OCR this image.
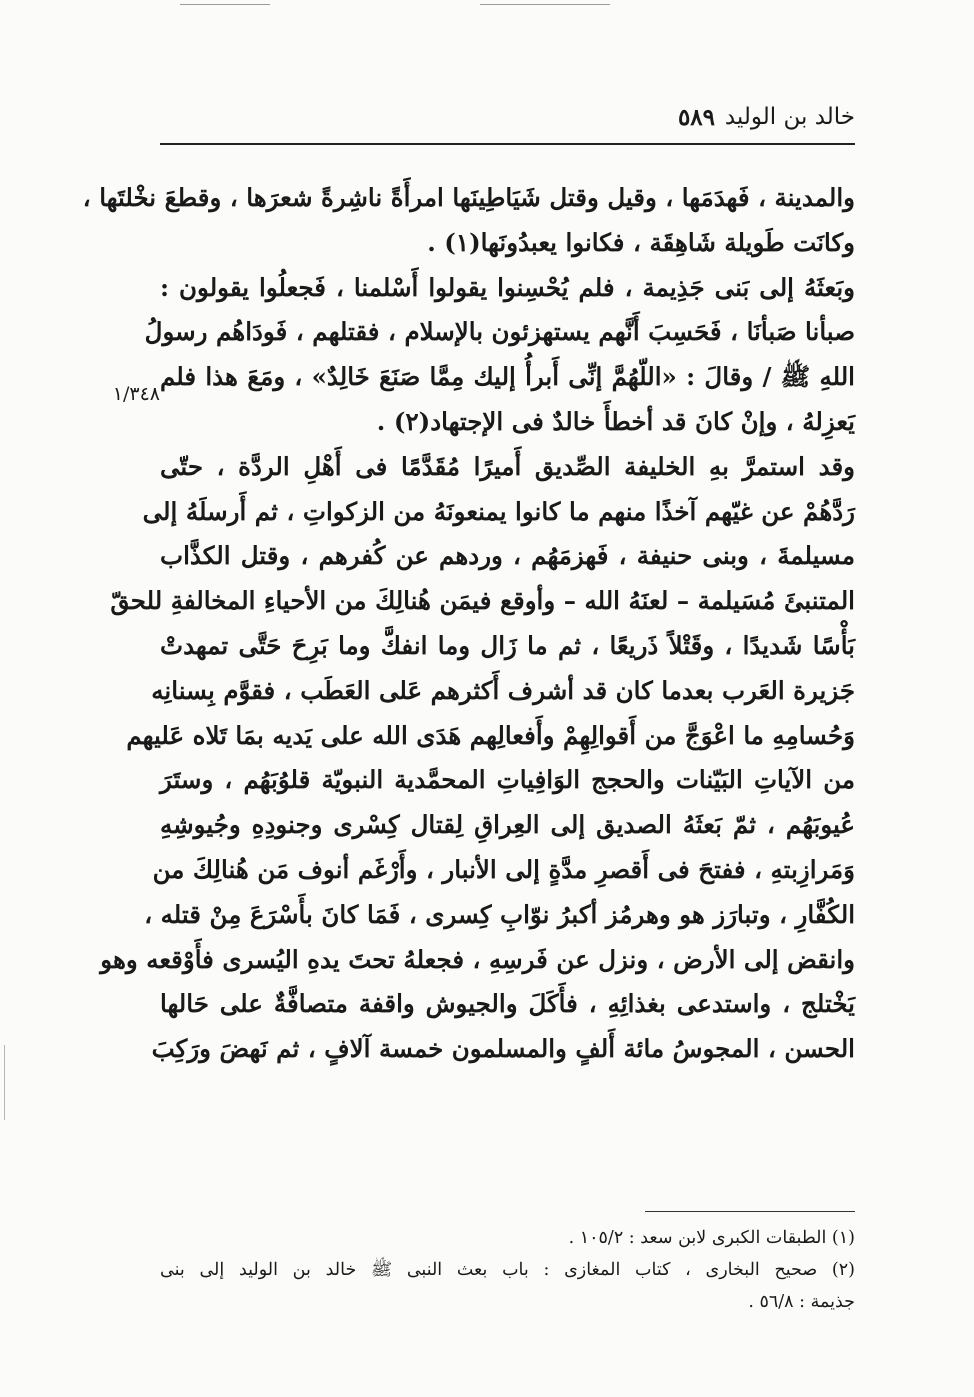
خالد بن الوليد
٥٨٩
١/٣٤٨
والمدينة ، فَهدَمَها ، وقيل وقتل شَيَاطِينَها امرأَةً ناشِرةً شعرَها ، وقطعَ نخْلتَها ،
وكانَت طَويلة شَاهِقَة ، فكانوا يعبدُونَها(١) .
وبَعثَهُ إلى بَنى جَذِيمة ، فلم يُحْسِنوا يقولوا أَسْلمنا ، فَجعلُوا يقولون :
صبأنا صَبأنَا ، فَحَسِبَ أَنَّهم يستهزئون بالإسلام ، فقتلهم ، فَودَاهُم رسولُ
اللهِ ﷺ / وقالَ : «اللّهُمَّ إنِّى أَبرأُ إليك مِمَّا صَنَعَ خَالِدٌ» ، ومَعَ هذا فلم
يَعزِلهُ ، وإنْ كانَ قد أخطأَ خالدٌ فى الإجتهاد(٢) .
وقد استمرَّ بهِ الخليفة الصِّديق أَميرًا مُقَدَّمًا فى أَهْلِ الردَّة ، حتّى
رَدَّهُمْ عن غيّهم آخذًا منهم ما كانوا يمنعونَهُ من الزكواتِ ، ثم أَرسلَهُ إلى
مسيلمةَ ، وبنى حنيفة ، فَهزمَهُم ، وردهم عن كُفرهم ، وقتل الكذَّاب
المتنبئَ مُسَيلمة – لعنَهُ الله – وأوقع فيمَن هُنالِكَ من الأحياءِ المخالفةِ للحقّ
بَأْسًا شَديدًا ، وقَتْلاً ذَريعًا ، ثم ما زَال وما انفكَّ وما بَرِحَ حَتَّى تمهدتْ
جَزيرة العَرب بعدما كان قد أشرف أَكثرهم عَلى العَطَب ، فقوَّم بِسنانِه
وَحُسامِهِ ما اعْوَجَّ من أَقوالِهِمْ وأَفعالِهم هَدَى الله على يَديه بمَا تَلاه عَليهم
من الآياتِ البَيّنات والحجج الوَافِياتِ المحمَّدية النبويّة قلوُبَهُم ، وستَرَ
عُيوبَهُم ، ثمّ بَعثَهُ الصديق إلى العِراقِ لِقتال كِسْرى وجنودِهِ وجُيوشِهِ
وَمَرازِبتهِ ، ففتحَ فى أَقصرِ مدَّةٍ إلى الأنبار ، وأَرْغَم أنوف مَن هُنالِكَ من
الكُفَّارِ ، وتبارَز هو وهرمُز أكبرُ نوّابِ كِسرى ، فَمَا كانَ بأَسْرَعَ مِنْ قتله ،
وانقض إلى الأرض ، ونزل عن فَرسِهِ ، فجعلهُ تحتَ يدهِ اليُسرى فأَوْقعه وهو
يَخْتلج ، واستدعى بغذائِهِ ، فأَكَلَ والجيوش واقفة متصافَّةٌ على حَالها
الحسن ، المجوسُ مائة أَلفٍ والمسلمون خمسة آلافٍ ، ثم نَهضَ ورَكِبَ
(١) الطبقات الكبرى لابن سعد : ١٠٥/٢ .
(٢) صحيح البخارى ، كتاب المغازى : باب بعث النبى ﷺ خالد بن الوليد إلى بنى
جذيمة : ٥٦/٨ .
